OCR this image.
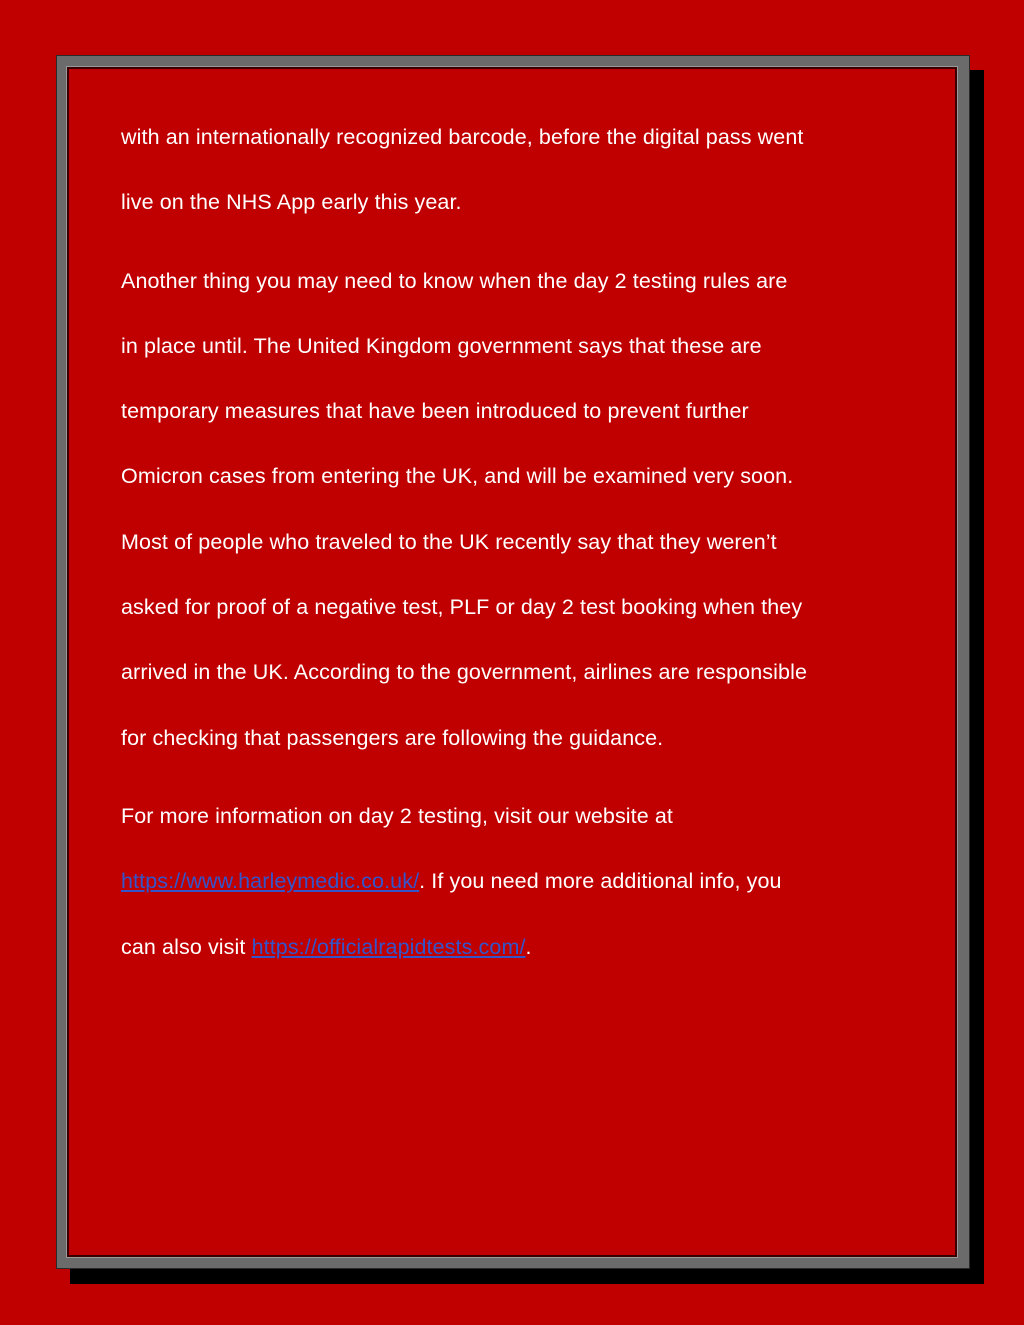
with an internationally recognized barcode, before the digital pass went
live on the NHS App early this year.
Another thing you may need to know when the day 2 testing rules are
in place until. The United Kingdom government says that these are
temporary measures that have been introduced to prevent further
Omicron cases from entering the UK, and will be examined very soon.
Most of people who traveled to the UK recently say that they weren’t
asked for proof of a negative test, PLF or day 2 test booking when they
arrived in the UK. According to the government, airlines are responsible
for checking that passengers are following the guidance.
For more information on day 2 testing, visit our website at
https://www.harleymedic.co.uk/. If you need more additional info, you
can also visit https://officialrapidtests.com/.
